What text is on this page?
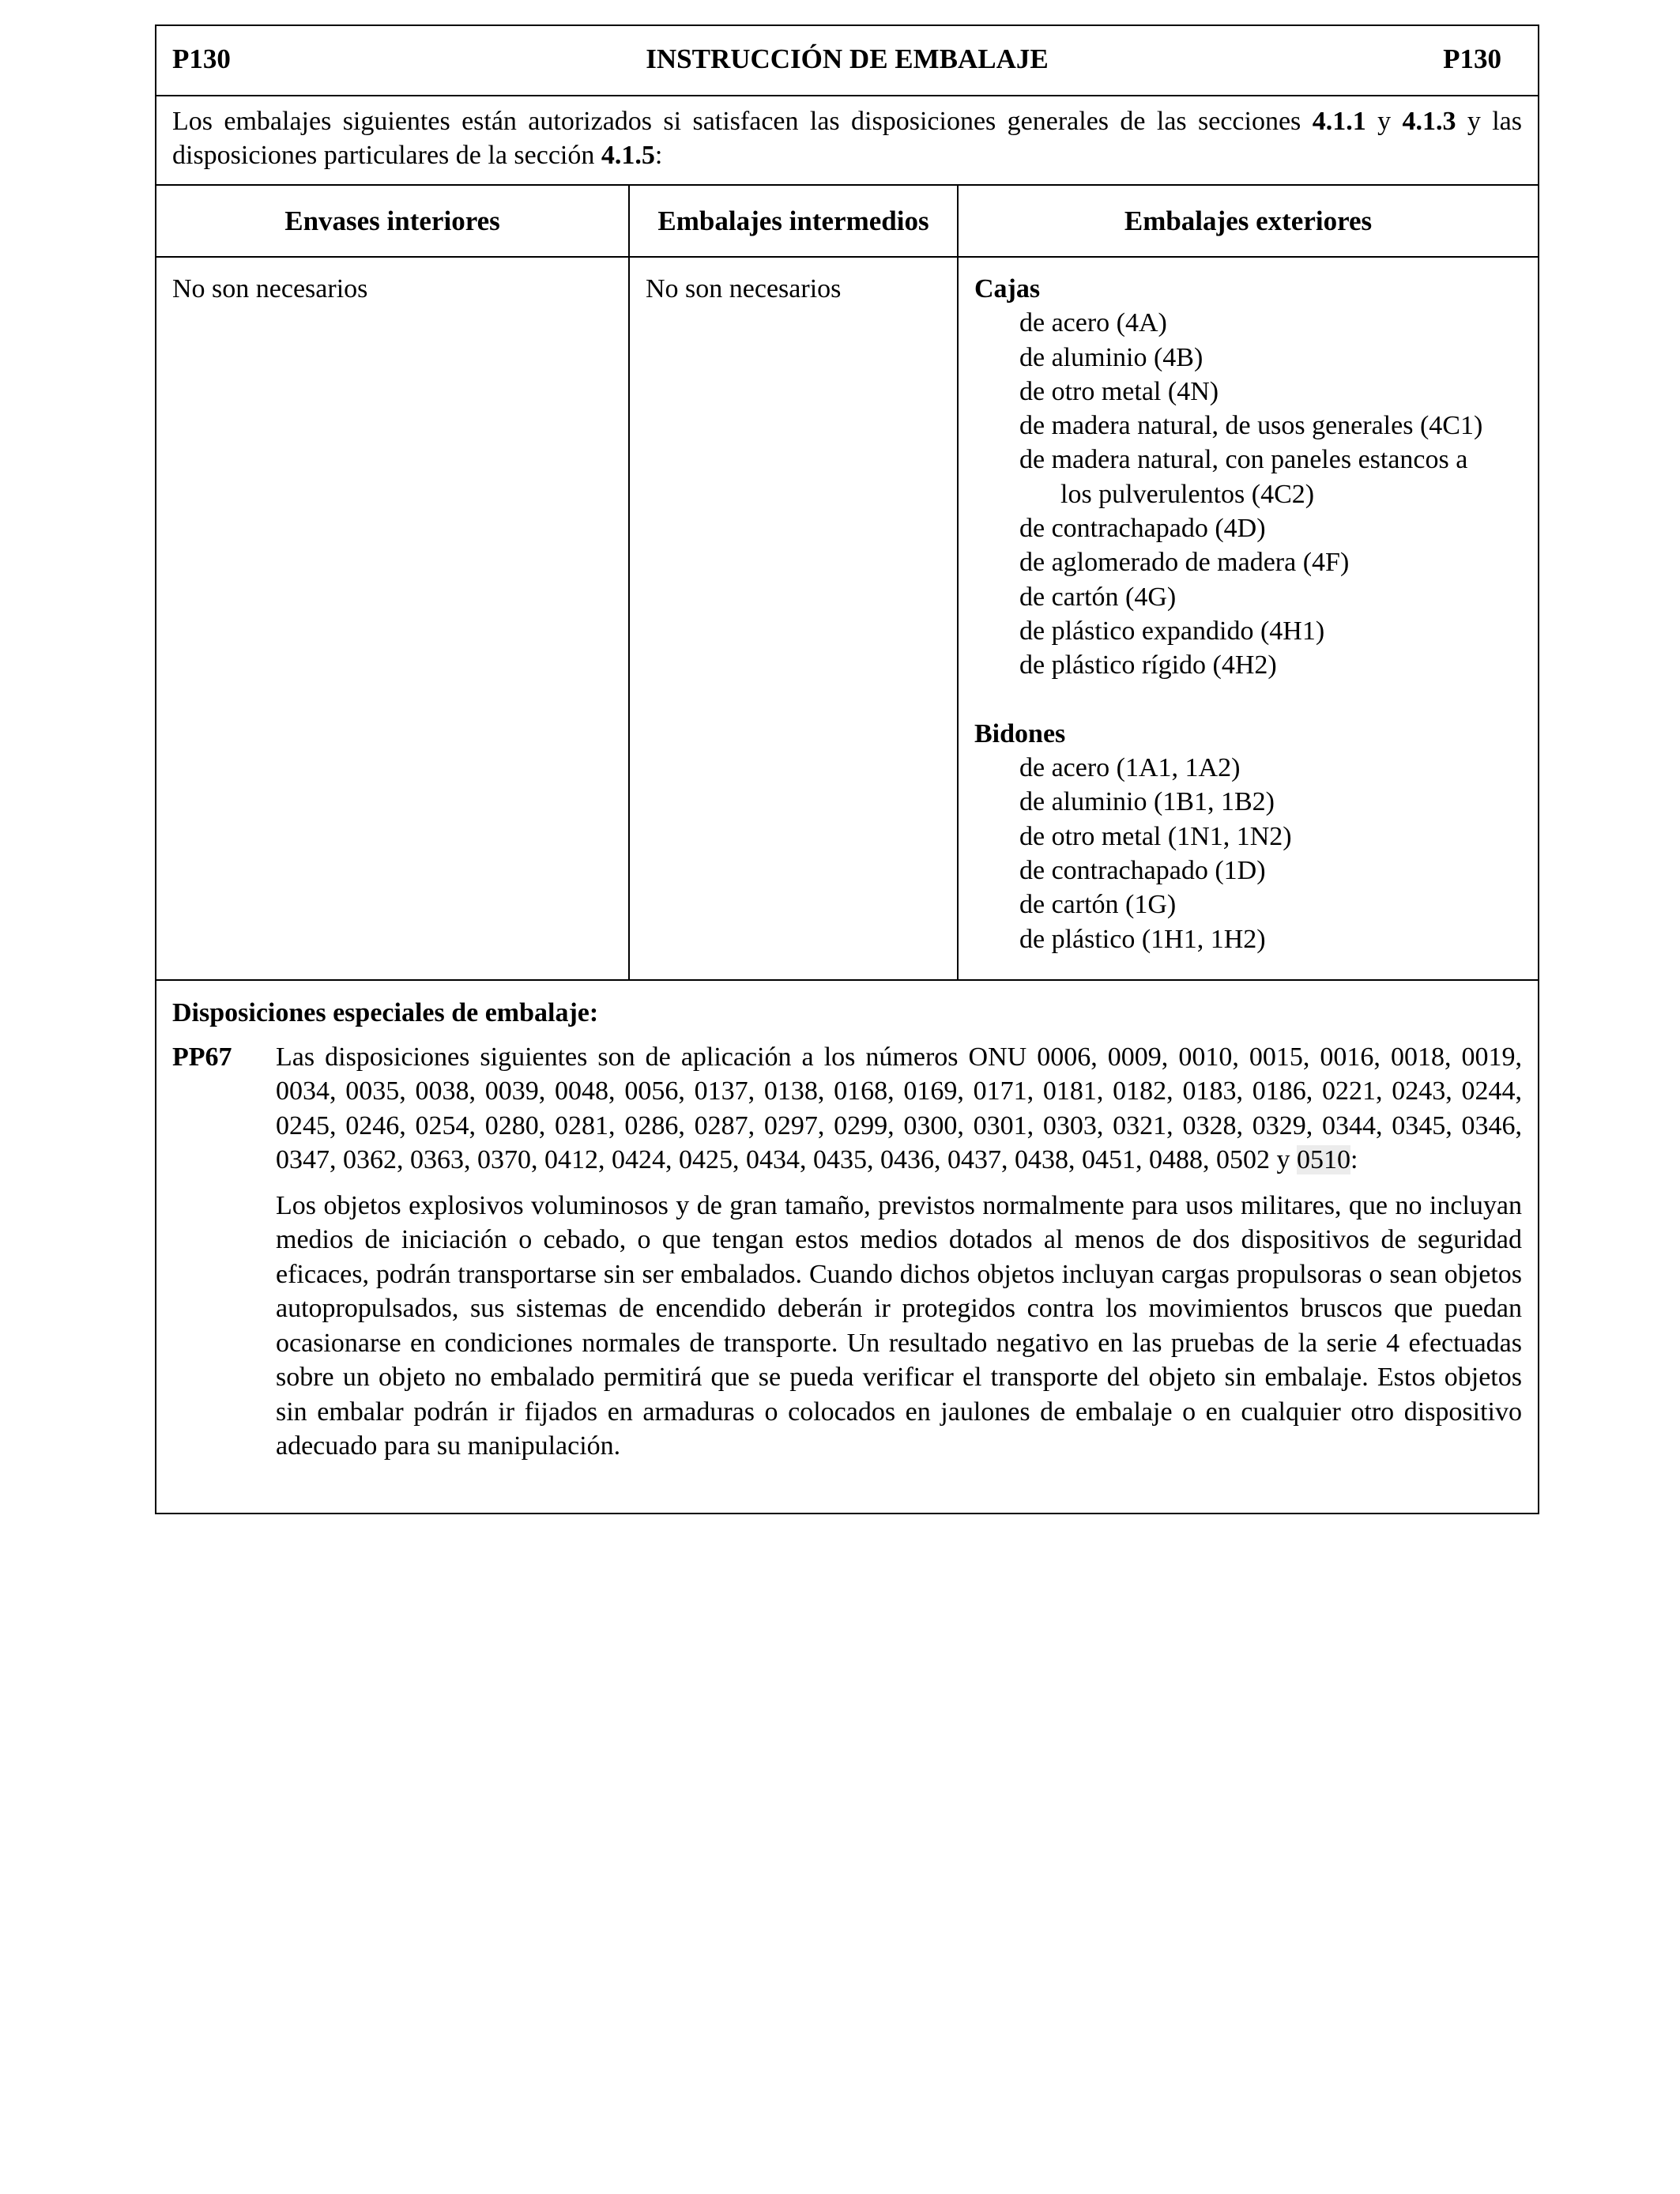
P130	INSTRUCCIÓN DE EMBALAJE	P130
Los embalajes siguientes están autorizados si satisfacen las disposiciones generales de las secciones 4.1.1 y 4.1.3 y las disposiciones particulares de la sección 4.1.5:
Envases interiores	Embalajes intermedios	Embalajes exteriores
No son necesarios	No son necesarios	Cajas
de acero (4A)
de aluminio (4B)
de otro metal (4N)
de madera natural, de usos generales (4C1)
de madera natural, con paneles estancos a
los pulverulentos (4C2)
de contrachapado (4D)
de aglomerado de madera (4F)
de cartón (4G)
de plástico expandido (4H1)
de plástico rígido (4H2)
Bidones
de acero (1A1, 1A2)
de aluminio (1B1, 1B2)
de otro metal (1N1, 1N2)
de contrachapado (1D)
de cartón (1G)
de plástico (1H1, 1H2)
Disposiciones especiales de embalaje:
PP67	Las disposiciones siguientes son de aplicación a los números ONU 0006, 0009, 0010, 0015, 0016, 0018, 0019, 0034, 0035, 0038, 0039, 0048, 0056, 0137, 0138, 0168, 0169, 0171, 0181, 0182, 0183, 0186, 0221, 0243, 0244, 0245, 0246, 0254, 0280, 0281, 0286, 0287, 0297, 0299, 0300, 0301, 0303, 0321, 0328, 0329, 0344, 0345, 0346, 0347, 0362, 0363, 0370, 0412, 0424, 0425, 0434, 0435, 0436, 0437, 0438, 0451, 0488, 0502 y 0510:

Los objetos explosivos voluminosos y de gran tamaño, previstos normalmente para usos militares, que no incluyan medios de iniciación o cebado, o que tengan estos medios dotados al menos de dos dispositivos de seguridad eficaces, podrán transportarse sin ser embalados. Cuando dichos objetos incluyan cargas propulsoras o sean objetos autopropulsados, sus sistemas de encendido deberán ir protegidos contra los movimientos bruscos que puedan ocasionarse en condiciones normales de transporte. Un resultado negativo en las pruebas de la serie 4 efectuadas sobre un objeto no embalado permitirá que se pueda verificar el transporte del objeto sin embalaje. Estos objetos sin embalar podrán ir fijados en armaduras o colocados en jaulones de embalaje o en cualquier otro dispositivo adecuado para su manipulación.
